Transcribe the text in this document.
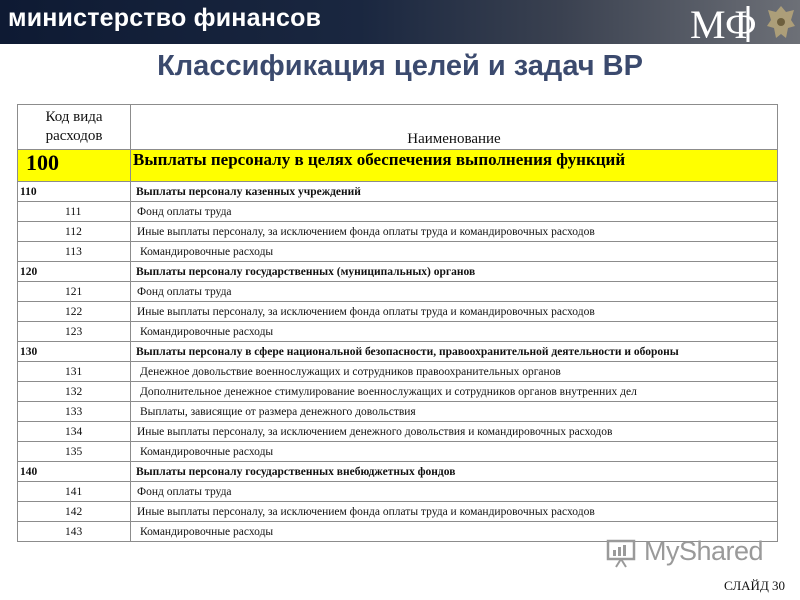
министерство финансов	МФ
Классификация целей и задач ВР
Код вида расходов	Наименование
100	Выплаты персоналу в целях обеспечения выполнения функций
110	Выплаты персоналу казенных учреждений
111	Фонд оплаты труда
112	Иные выплаты персоналу, за исключением фонда оплаты труда и командировочных расходов
113	Командировочные расходы
120	Выплаты персоналу государственных (муниципальных) органов
121	Фонд оплаты труда
122	Иные выплаты персоналу, за исключением фонда оплаты труда и командировочных расходов
123	Командировочные расходы
130	Выплаты персоналу в сфере национальной безопасности, правоохранительной деятельности и обороны
131	Денежное довольствие военнослужащих и сотрудников правоохранительных органов
132	Дополнительное денежное стимулирование военнослужащих и сотрудников органов внутренних дел
133	Выплаты, зависящие от размера денежного довольствия
134	Иные выплаты персоналу, за исключением денежного довольствия и командировочных расходов
135	Командировочные расходы
140	Выплаты персоналу государственных внебюджетных фондов
141	Фонд оплаты труда
142	Иные выплаты персоналу, за исключением фонда оплаты труда и командировочных расходов
143	Командировочные расходы
MyShared
СЛАЙД 30
